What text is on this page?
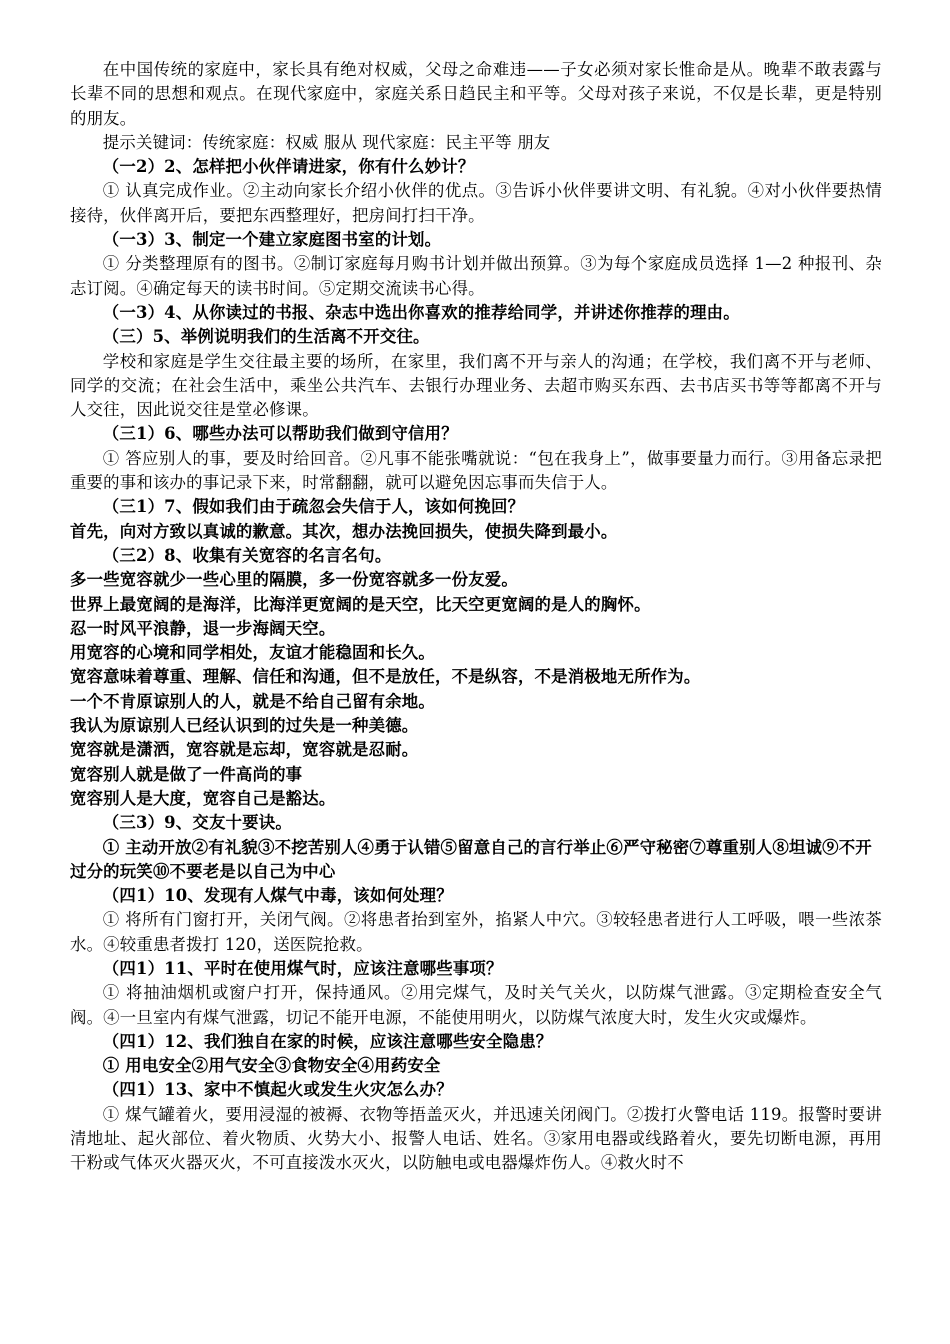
在中国传统的家庭中，家长具有绝对权威，父母之命难违——子女必须对家长惟命是从。晚辈不敢表露与长辈不同的思想和观点。在现代家庭中，家庭关系日趋民主和平等。父母对孩子来说，不仅是长辈，更是特别的朋友。

提示关键词：传统家庭：权威 服从 现代家庭：民主平等 朋友

（一2）2、怎样把小伙伴请进家，你有什么妙计？

① 认真完成作业。②主动向家长介绍小伙伴的优点。③告诉小伙伴要讲文明、有礼貌。④对小伙伴要热情接待，伙伴离开后，要把东西整理好，把房间打扫干净。

（一3）3、制定一个建立家庭图书室的计划。

① 分类整理原有的图书。②制订家庭每月购书计划并做出预算。③为每个家庭成员选择 1—2 种报刊、杂志订阅。④确定每天的读书时间。⑤定期交流读书心得。

（一3）4、从你读过的书报、杂志中选出你喜欢的推荐给同学，并讲述你推荐的理由。

（三）5、举例说明我们的生活离不开交往。

学校和家庭是学生交往最主要的场所，在家里，我们离不开与亲人的沟通；在学校，我们离不开与老师、同学的交流；在社会生活中，乘坐公共汽车、去银行办理业务、去超市购买东西、去书店买书等等都离不开与人交往，因此说交往是堂必修课。

（三1）6、哪些办法可以帮助我们做到守信用？

① 答应别人的事，要及时给回音。②凡事不能张嘴就说：“包在我身上”，做事要量力而行。③用备忘录把重要的事和该办的事记录下来，时常翻翻，就可以避免因忘事而失信于人。

（三1）7、假如我们由于疏忽会失信于人，该如何挽回？

首先，向对方致以真诚的歉意。其次，想办法挽回损失，使损失降到最小。

（三2）8、收集有关宽容的名言名句。

多一些宽容就少一些心里的隔膜，多一份宽容就多一份友爱。

世界上最宽阔的是海洋，比海洋更宽阔的是天空，比天空更宽阔的是人的胸怀。

忍一时风平浪静，退一步海阔天空。

用宽容的心境和同学相处，友谊才能稳固和长久。

宽容意味着尊重、理解、信任和沟通，但不是放任，不是纵容，不是消极地无所作为。

一个不肯原谅别人的人，就是不给自己留有余地。

我认为原谅别人已经认识到的过失是一种美德。

宽容就是潇洒，宽容就是忘却，宽容就是忍耐。

宽容别人就是做了一件高尚的事

宽容别人是大度，宽容自己是豁达。

（三3）9、交友十要诀。

① 主动开放②有礼貌③不挖苦别人④勇于认错⑤留意自己的言行举止⑥严守秘密⑦尊重别人⑧坦诚⑨不开过分的玩笑⑩不要老是以自己为中心

（四1）10、发现有人煤气中毒，该如何处理？

① 将所有门窗打开，关闭气阀。②将患者抬到室外，掐紧人中穴。③较轻患者进行人工呼吸，喂一些浓茶水。④较重患者拨打 120，送医院抢救。

（四1）11、平时在使用煤气时，应该注意哪些事项？

① 将抽油烟机或窗户打开，保持通风。②用完煤气，及时关气关火，以防煤气泄露。③定期检查安全气阀。④一旦室内有煤气泄露，切记不能开电源，不能使用明火，以防煤气浓度大时，发生火灾或爆炸。

（四1）12、我们独自在家的时候，应该注意哪些安全隐患？

① 用电安全②用气安全③食物安全④用药安全

（四1）13、家中不慎起火或发生火灾怎么办？

① 煤气罐着火，要用浸湿的被褥、衣物等捂盖灭火，并迅速关闭阀门。②拨打火警电话 119。报警时要讲清地址、起火部位、着火物质、火势大小、报警人电话、姓名。③家用电器或线路着火，要先切断电源，再用干粉或气体灭火器灭火，不可直接泼水灭火，以防触电或电器爆炸伤人。④救火时不
